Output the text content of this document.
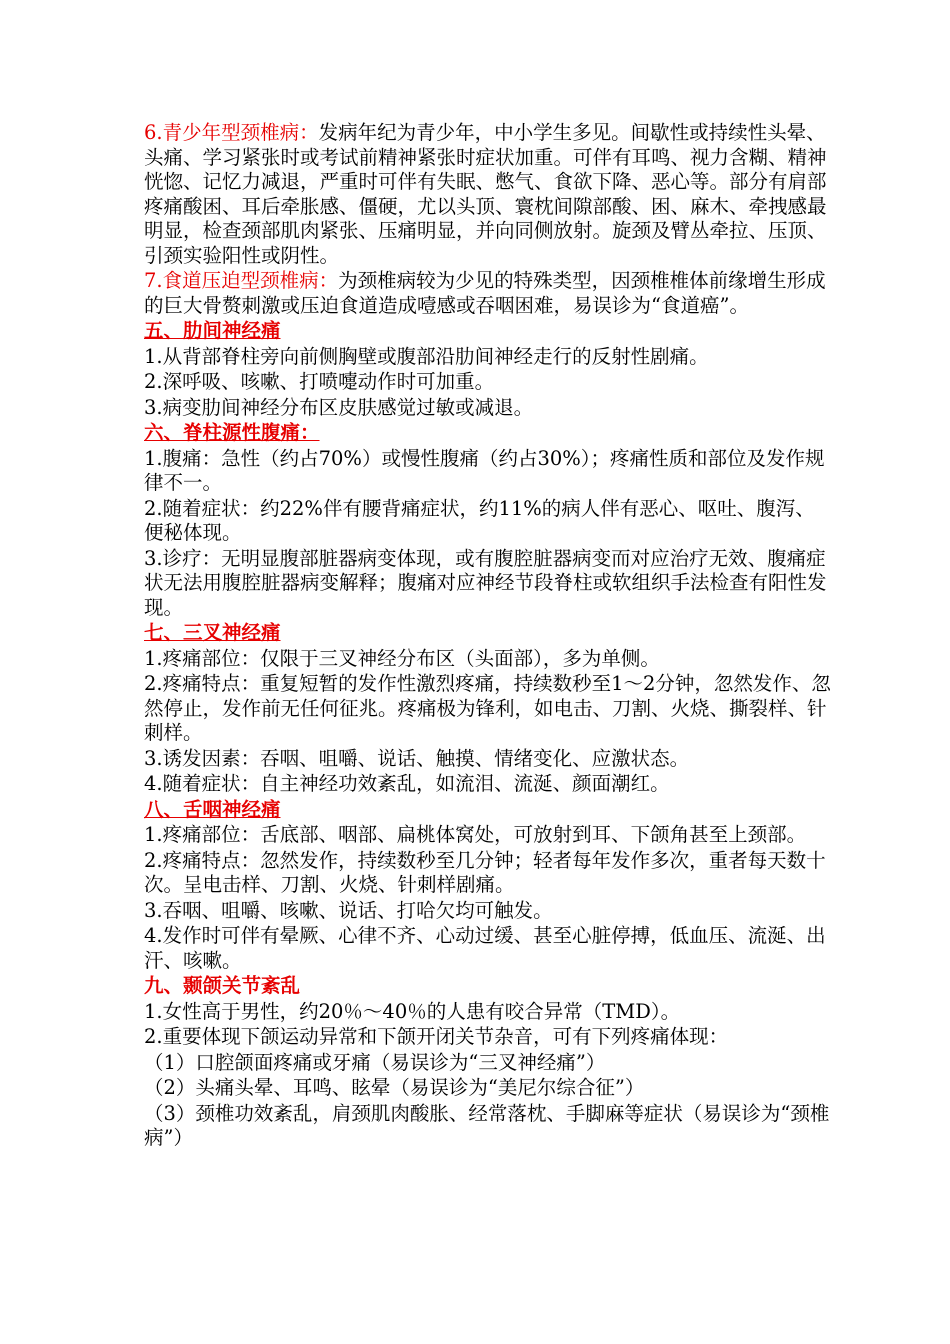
6.青少年型颈椎病：发病年纪为青少年，中小学生多见。间歇性或持续性头晕、头痛、学习紧张时或考试前精神紧张时症状加重。可伴有耳鸣、视力含糊、精神恍惚、记忆力减退，严重时可伴有失眠、憋气、食欲下降、恶心等。部分有肩部疼痛酸困、耳后牵胀感、僵硬，尤以头顶、寰枕间隙部酸、困、麻木、牵拽感最明显，检查颈部肌肉紧张、压痛明显，并向同侧放射。旋颈及臂丛牵拉、压顶、引颈实验阳性或阴性。

7.食道压迫型颈椎病：为颈椎病较为少见的特殊类型，因颈椎椎体前缘增生形成的巨大骨赘刺激或压迫食道造成噎感或吞咽困难，易误诊为“食道癌”。

五、肋间神经痛

1.从背部脊柱旁向前侧胸壁或腹部沿肋间神经走行的反射性剧痛。

2.深呼吸、咳嗽、打喷嚏动作时可加重。

3.病变肋间神经分布区皮肤感觉过敏或减退。

六、脊柱源性腹痛：

1.腹痛：急性（约占70%）或慢性腹痛（约占30%）；疼痛性质和部位及发作规律不一。

2.随着症状：约22%伴有腰背痛症状，约11%的病人伴有恶心、呕吐、腹泻、便秘体现。

3.诊疗：无明显腹部脏器病变体现，或有腹腔脏器病变而对应治疗无效、腹痛症状无法用腹腔脏器病变解释；腹痛对应神经节段脊柱或软组织手法检查有阳性发现。

七、三叉神经痛

1.疼痛部位：仅限于三叉神经分布区（头面部），多为单侧。

2.疼痛特点：重复短暂的发作性激烈疼痛，持续数秒至1～2分钟，忽然发作、忽然停止，发作前无任何征兆。疼痛极为锋利，如电击、刀割、火烧、撕裂样、针刺样。

3.诱发因素：吞咽、咀嚼、说话、触摸、情绪变化、应激状态。

4.随着症状：自主神经功效紊乱，如流泪、流涎、颜面潮红。

八、舌咽神经痛

1.疼痛部位：舌底部、咽部、扁桃体窝处，可放射到耳、下颌角甚至上颈部。

2.疼痛特点：忽然发作，持续数秒至几分钟；轻者每年发作多次，重者每天数十次。呈电击样、刀割、火烧、针刺样剧痛。

3.吞咽、咀嚼、咳嗽、说话、打哈欠均可触发。

4.发作时可伴有晕厥、心律不齐、心动过缓、甚至心脏停搏，低血压、流涎、出汗、咳嗽。

九、颞颌关节紊乱

1.女性高于男性，约20％～40％的人患有咬合异常（TMD）。

2.重要体现下颌运动异常和下颌开闭关节杂音，可有下列疼痛体现：

（1）口腔颌面疼痛或牙痛（易误诊为“三叉神经痛”）

（2）头痛头晕、耳鸣、眩晕（易误诊为“美尼尔综合征”）

（3）颈椎功效紊乱，肩颈肌肉酸胀、经常落枕、手脚麻等症状（易误诊为“颈椎病”）
